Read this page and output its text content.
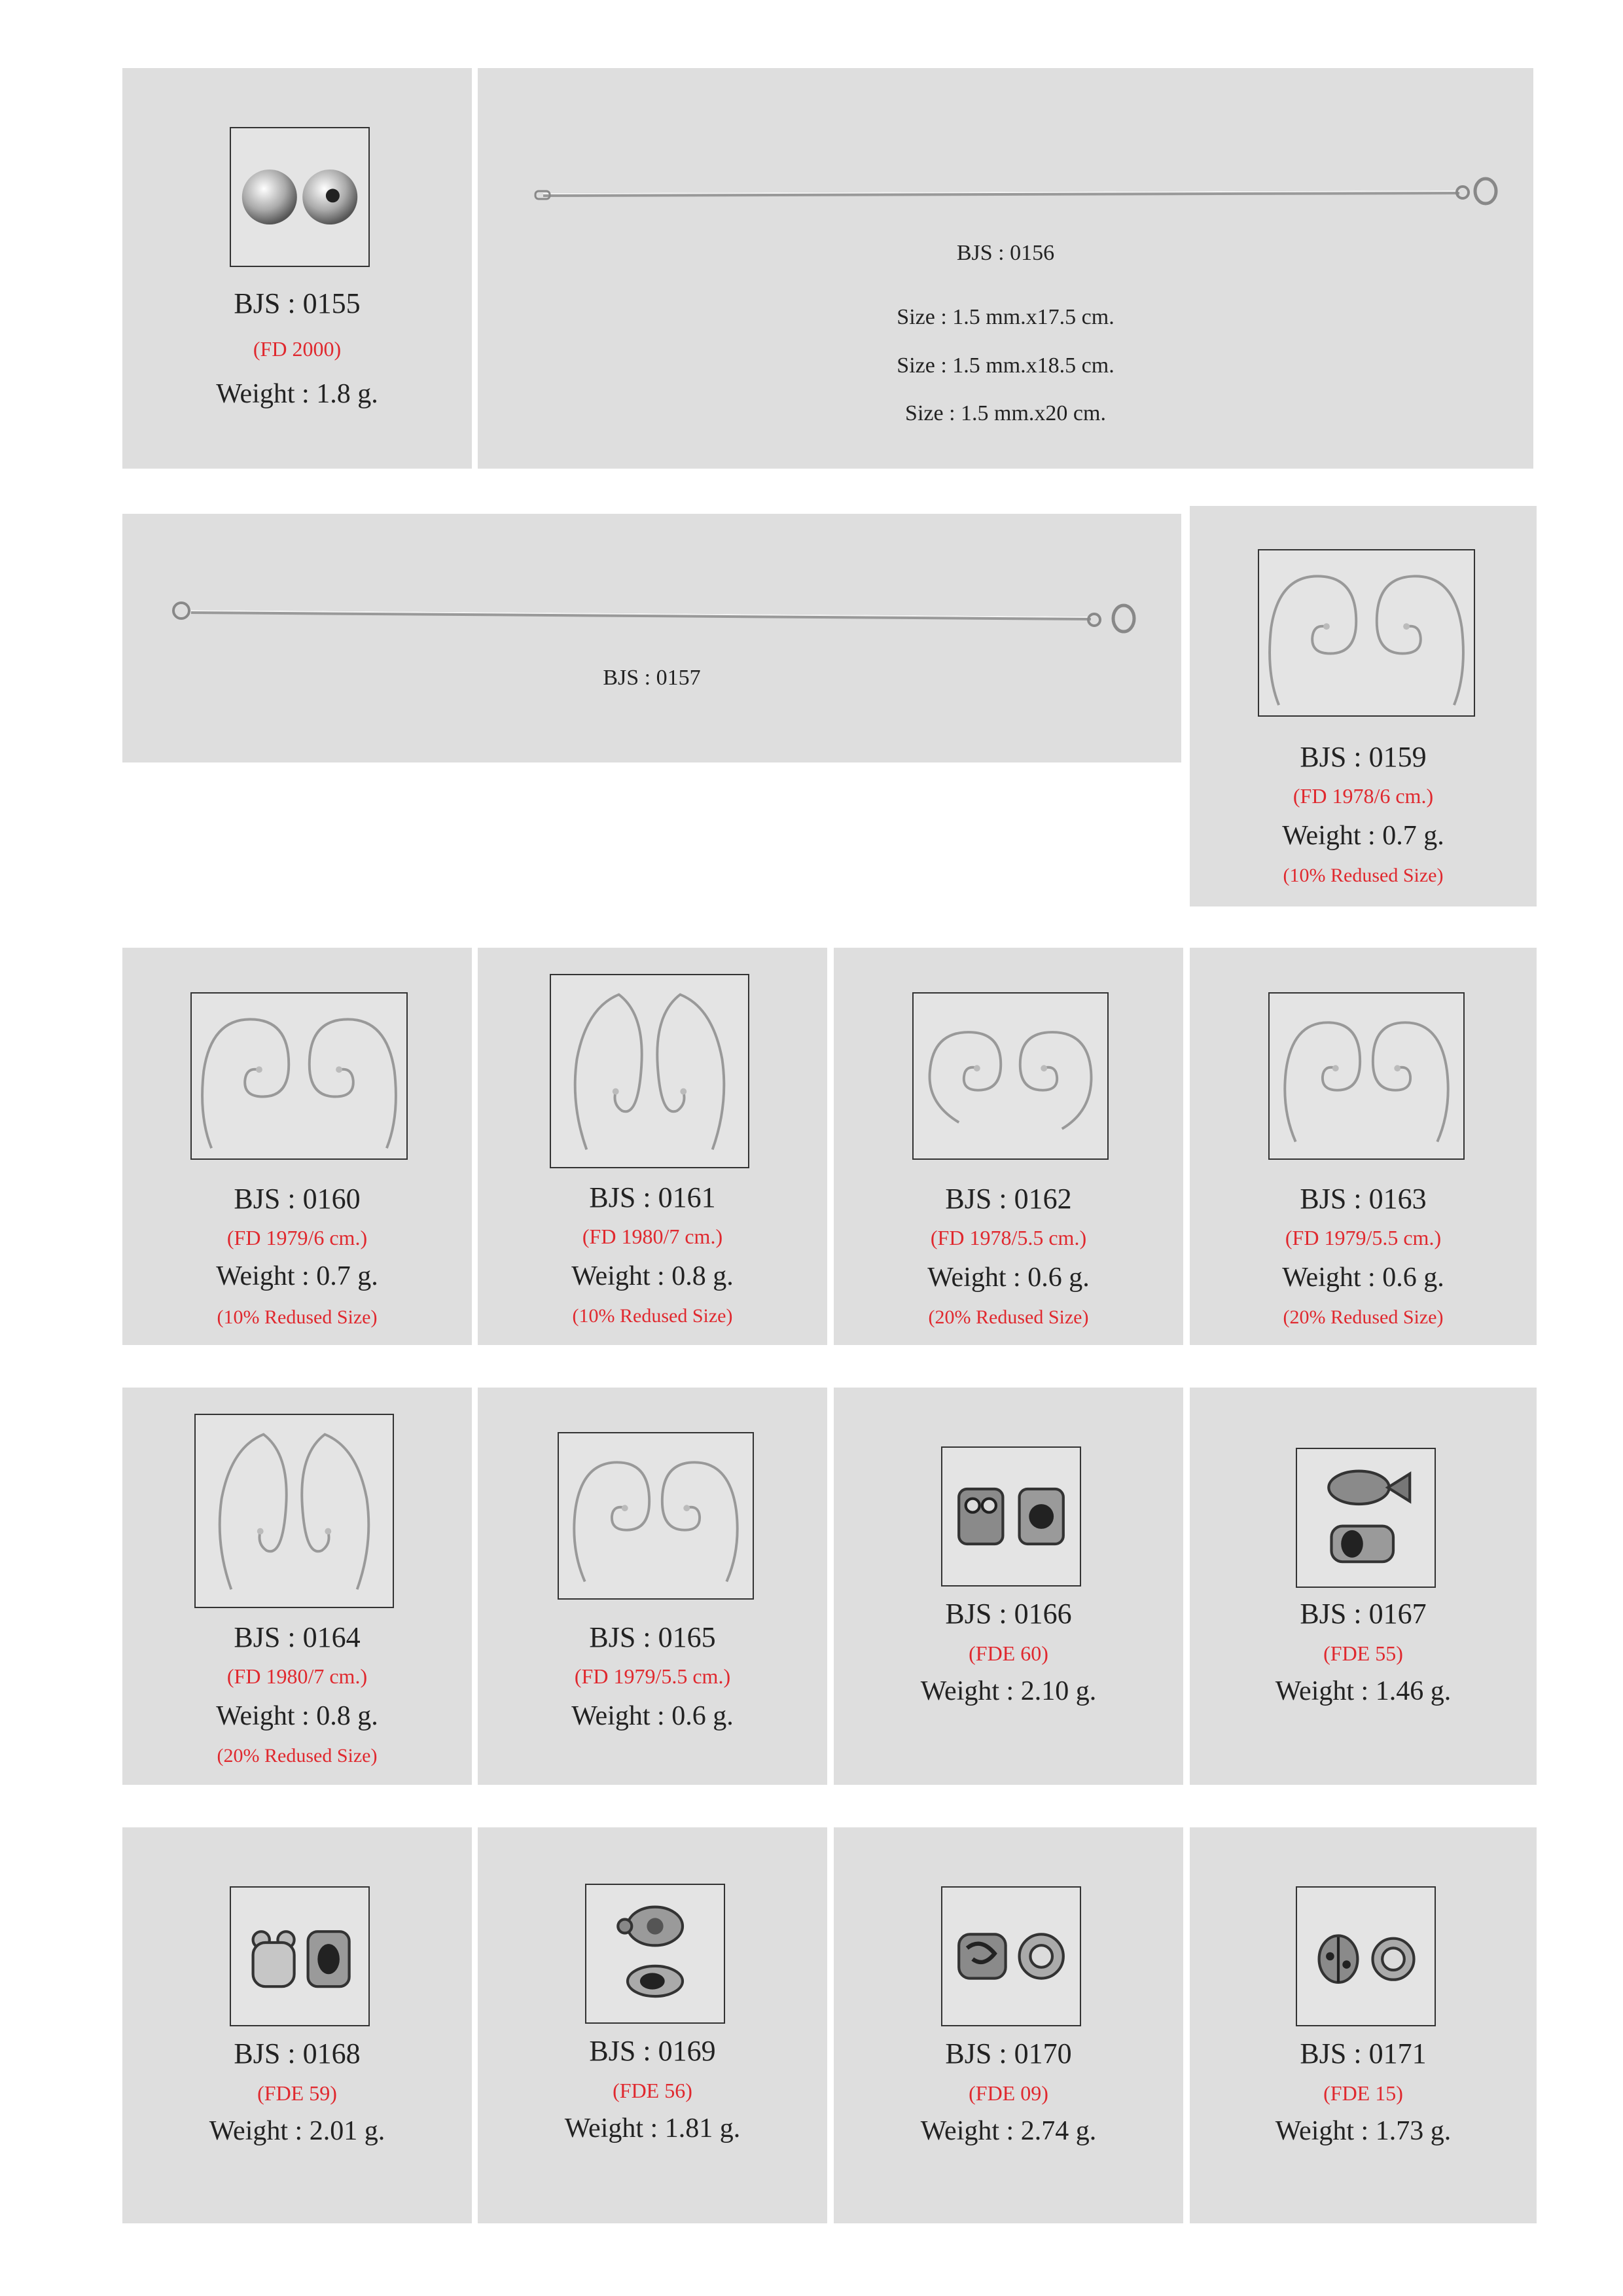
BJS : 0155
(FD 2000)
Weight : 1.8 g.
BJS : 0156
Size : 1.5 mm.x17.5 cm.
Size : 1.5 mm.x18.5 cm.
Size : 1.5 mm.x20 cm.
BJS : 0157
BJS : 0159
(FD 1978/6 cm.)
Weight : 0.7 g.
(10% Redused Size)
BJS : 0160
(FD 1979/6 cm.)
Weight : 0.7 g.
(10% Redused Size)
BJS : 0161
(FD 1980/7 cm.)
Weight : 0.8 g.
(10% Redused Size)
BJS : 0162
(FD 1978/5.5 cm.)
Weight : 0.6 g.
(20% Redused Size)
BJS : 0163
(FD 1979/5.5 cm.)
Weight : 0.6 g.
(20% Redused Size)
BJS : 0164
(FD 1980/7 cm.)
Weight : 0.8 g.
(20% Redused Size)
BJS : 0165
(FD 1979/5.5 cm.)
Weight : 0.6 g.
BJS : 0166
(FDE 60)
Weight : 2.10 g.
BJS : 0167
(FDE 55)
Weight : 1.46 g.
BJS : 0168
(FDE 59)
Weight : 2.01 g.
BJS : 0169
(FDE 56)
Weight : 1.81 g.
BJS : 0170
(FDE 09)
Weight : 2.74 g.
BJS : 0171
(FDE 15)
Weight : 1.73 g.
